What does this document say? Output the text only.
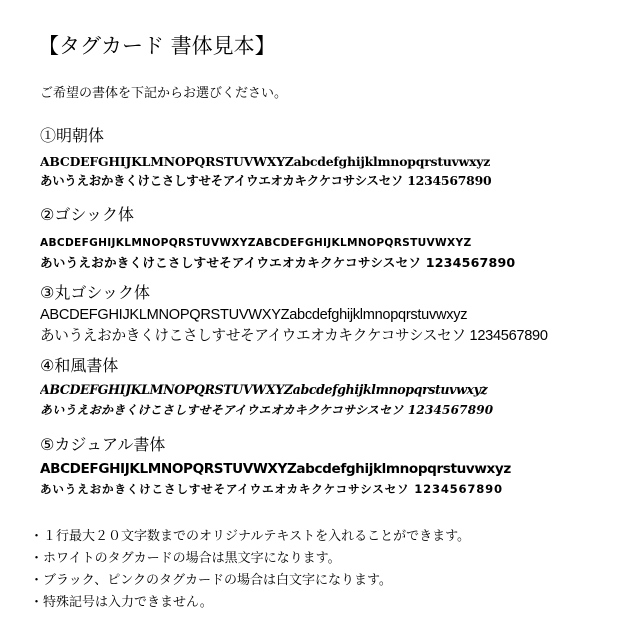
【タグカード 書体見本】
ご希望の書体を下記からお選びください。
①明朝体
ABCDEFGHIJKLMNOPQRSTUVWXYZabcdefghijklmnopqrstuvwxyz
あいうえおかきくけこさしすせそアイウエオカキクケコサシスセソ 1234567890
②ゴシック体
ABCDEFGHIJKLMNOPQRSTUVWXYZABCDEFGHIJKLMNOPQRSTUVWXYZ
あいうえおかきくけこさしすせそアイウエオカキクケコサシスセソ 1234567890
③丸ゴシック体
ABCDEFGHIJKLMNOPQRSTUVWXYZabcdefghijklmnopqrstuvwxyz
あいうえおかきくけこさしすせそアイウエオカキクケコサシスセソ 1234567890
④和風書体
ABCDEFGHIJKLMNOPQRSTUVWXYZabcdefghijklmnopqrstuvwxyz
あいうえおかきくけこさしすせそアイウエオカキクケコサシスセソ 1234567890
⑤カジュアル書体
ABCDEFGHIJKLMNOPQRSTUVWXYZabcdefghijklmnopqrstuvwxyz
あいうえおかきくけこさしすせそアイウエオカキクケコサシスセソ 1234567890
・１行最大２０文字数までのオリジナルテキストを入れることができます。
・ホワイトのタグカードの場合は黒文字になります。
・ブラック、ピンクのタグカードの場合は白文字になります。
・特殊記号は入力できません。
